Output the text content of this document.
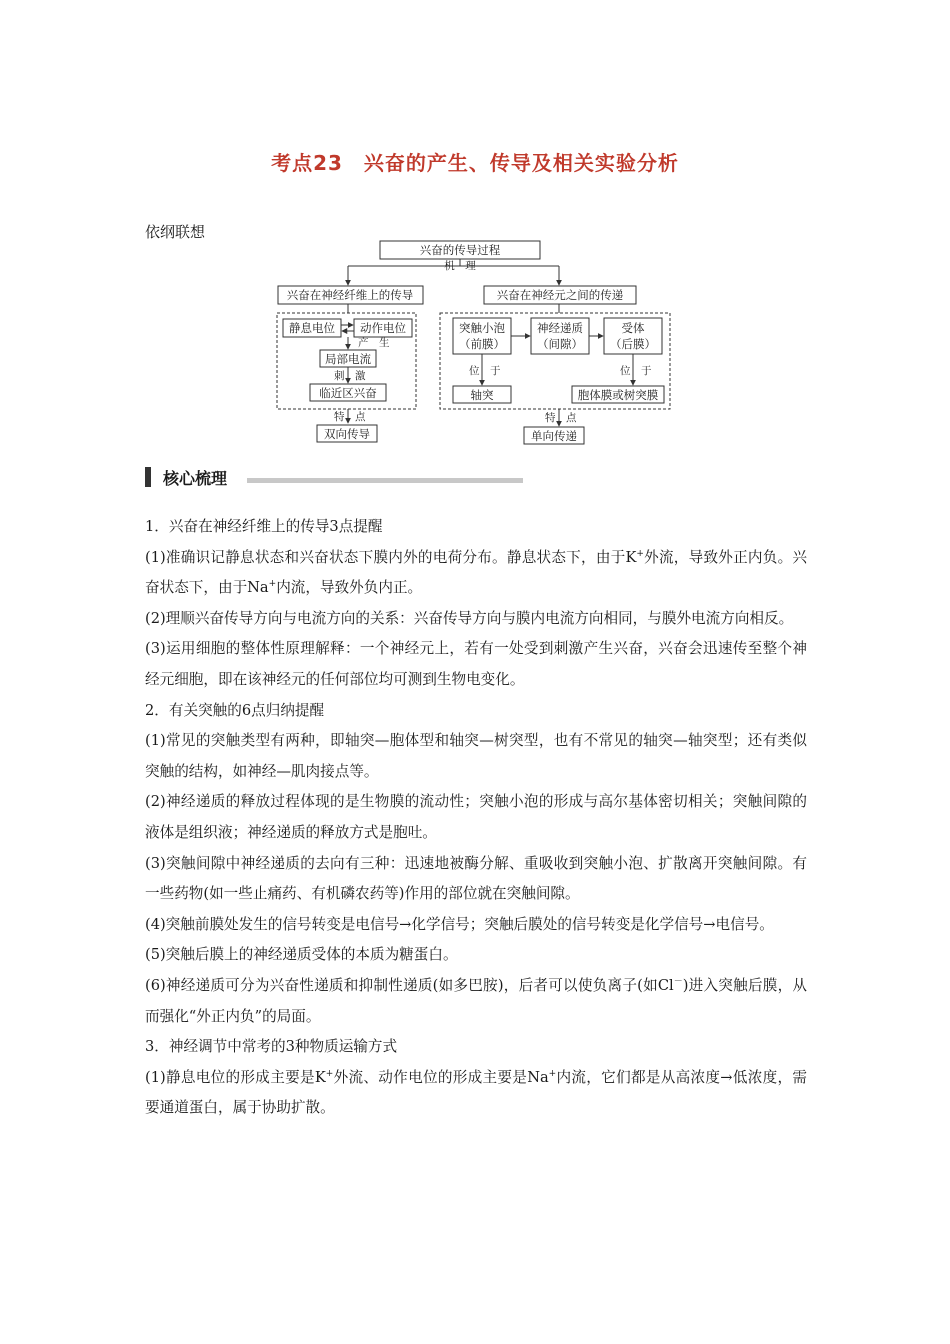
考点23　兴奋的产生、传导及相关实验分析
依纲联想
兴奋的传导过程
机　理
兴奋在神经纤维上的传导	兴奋在神经元之间的传递
静息电位 动作电位
产　生
局部电流
刺　激
临近区兴奋
特　点
双向传导
突触小泡
（前膜）
神经递质
（间隙）
受体
（后膜）
位　于	位　于
轴突	胞体膜或树突膜
特　点
单向传递
核心梳理

1．兴奋在神经纤维上的传导3点提醒

(1)准确识记静息状态和兴奋状态下膜内外的电荷分布。静息状态下，由于K+外流，导致外正内负。兴奋状态下，由于Na+内流，导致外负内正。

(2)理顺兴奋传导方向与电流方向的关系：兴奋传导方向与膜内电流方向相同，与膜外电流方向相反。

(3)运用细胞的整体性原理解释：一个神经元上，若有一处受到刺激产生兴奋，兴奋会迅速传至整个神经元细胞，即在该神经元的任何部位均可测到生物电变化。

2．有关突触的6点归纳提醒

(1)常见的突触类型有两种，即轴突—胞体型和轴突—树突型，也有不常见的轴突—轴突型；还有类似突触的结构，如神经—肌肉接点等。

(2)神经递质的释放过程体现的是生物膜的流动性；突触小泡的形成与高尔基体密切相关；突触间隙的液体是组织液；神经递质的释放方式是胞吐。

(3)突触间隙中神经递质的去向有三种：迅速地被酶分解、重吸收到突触小泡、扩散离开突触间隙。有一些药物(如一些止痛药、有机磷农药等)作用的部位就在突触间隙。

(4)突触前膜处发生的信号转变是电信号→化学信号；突触后膜处的信号转变是化学信号→电信号。

(5)突触后膜上的神经递质受体的本质为糖蛋白。

(6)神经递质可分为兴奋性递质和抑制性递质(如多巴胺)，后者可以使负离子(如Cl－)进入突触后膜，从而强化“外正内负”的局面。

3．神经调节中常考的3种物质运输方式

(1)静息电位的形成主要是K+外流、动作电位的形成主要是Na+内流，它们都是从高浓度→低浓度，需要通道蛋白，属于协助扩散。
